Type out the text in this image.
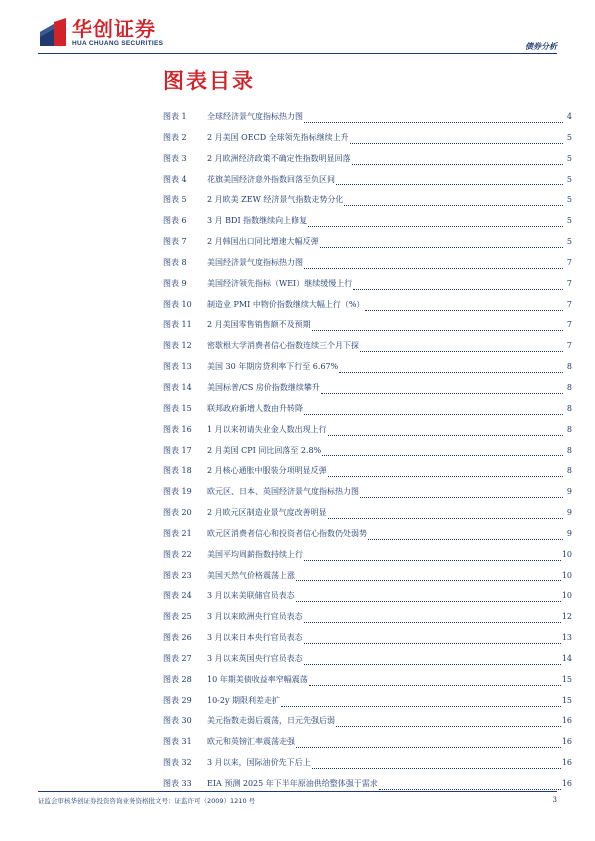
华创证券
HUA CHUANG SECURITIES	债券分析
图表目录
图表 1	全球经济景气度指标热力图	4
图表 2	2 月美国 OECD 全球领先指标继续上升	5
图表 3	2 月欧洲经济政策不确定性指数明显回落	5
图表 4	花旗美国经济意外指数回落至负区间	5
图表 5	2 月欧美 ZEW 经济景气指数走势分化	5
图表 6	3 月 BDI 指数继续向上修复	5
图表 7	2 月韩国出口同比增速大幅反弹	5
图表 8	美国经济景气度指标热力图	7
图表 9	美国经济领先指标（WEI）继续缓慢上行	7
图表 10	制造业 PMI 中物价指数继续大幅上行（%）	7
图表 11	2 月美国零售销售额不及预期	7
图表 12	密歇根大学消费者信心指数连续三个月下探	7
图表 13	美国 30 年期房贷利率下行至 6.67%	8
图表 14	美国标普/CS 房价指数继续攀升	8
图表 15	联邦政府新增人数由升转降	8
图表 16	1 月以来初请失业金人数出现上行	8
图表 17	2 月美国 CPI 同比回落至 2.8%	8
图表 18	2 月核心通胀中服装分项明显反弹	8
图表 19	欧元区、日本、英国经济景气度指标热力图	9
图表 20	2 月欧元区制造业景气度改善明显	9
图表 21	欧元区消费者信心和投资者信心指数仍处弱势	9
图表 22	美国平均周薪指数持续上行	10
图表 23	美国天然气价格震荡上涨	10
图表 24	3 月以来美联储官员表态	10
图表 25	3 月以来欧洲央行官员表态	12
图表 26	3 月以来日本央行官员表态	13
图表 27	3 月以来英国央行官员表态	14
图表 28	10 年期美债收益率窄幅震荡	15
图表 29	10-2y 期限利差走扩	15
图表 30	美元指数走弱后震荡，日元先强后弱	16
图表 31	欧元和英镑汇率震荡走强	16
图表 32	3 月以来，国际油价先下后上	16
图表 33	EIA 预测 2025 年下半年原油供给整体强于需求	16
证监会审核华创证券投资咨询业务资格批文号：证监许可（2009）1210 号	3
